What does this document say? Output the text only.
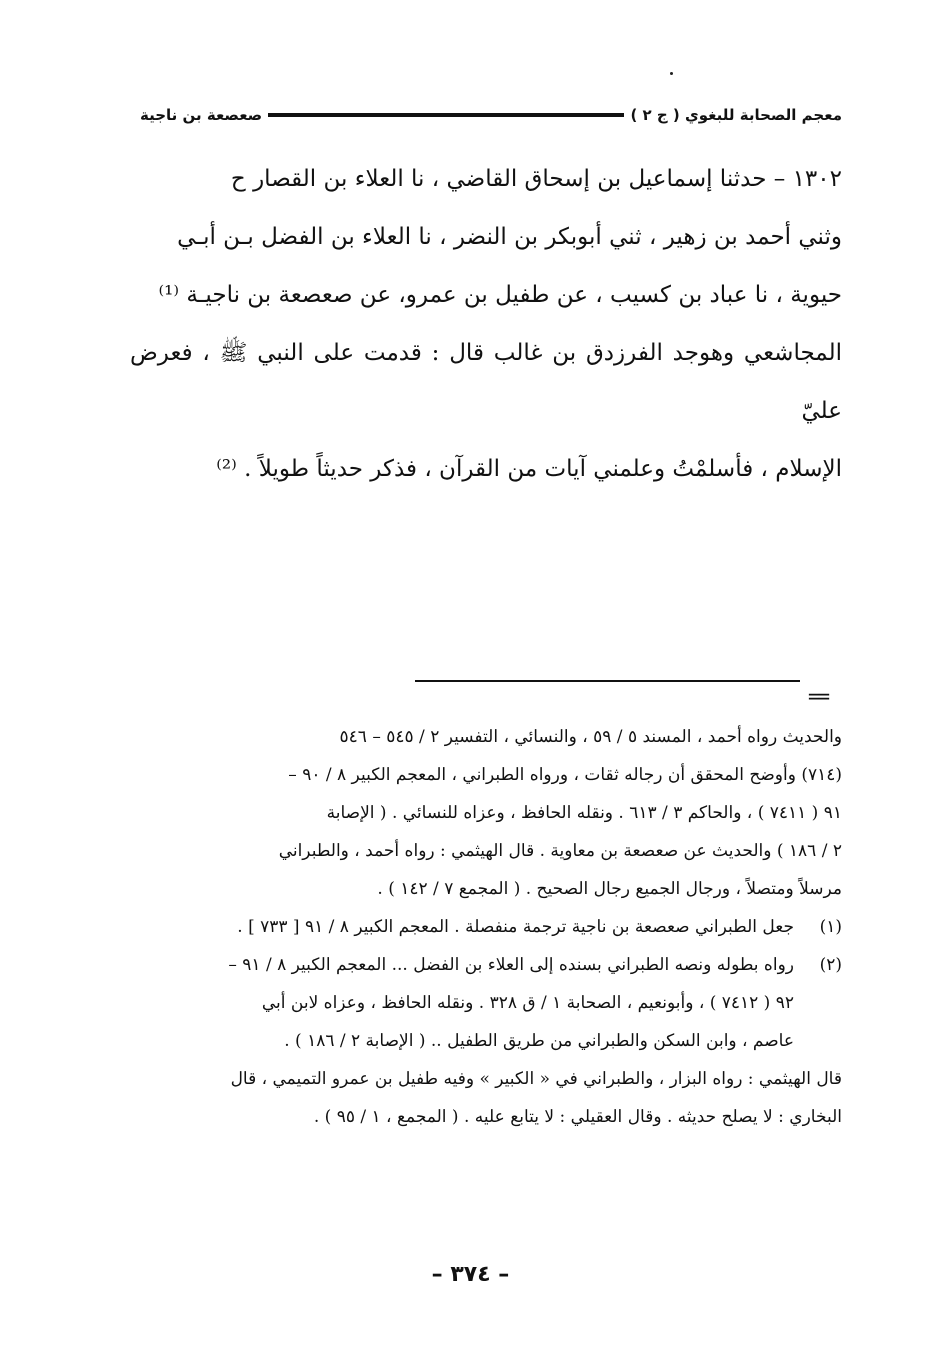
معجم الصحابة للبغوي ( ج ٢ )
صعصعة بن ناجية

١٣٠٢ – حدثنا إسماعيل بن إسحاق القاضي ، نا العلاء بن القصار ح

وثني أحمد بن زهير ، ثني أبوبكر بن النضر ، نا العلاء بن الفضل بـن أبـي

حيوية ، نا عباد بن كسيب ، عن طفيل بن عمرو، عن صعصعة بن ناجيـة ⁽¹⁾

المجاشعي وهوجد الفرزدق بن غالب قال : قدمت على النبي ﷺ ، فعرض عليّ

الإسلام ، فأسلمْتُ وعلمني آيات من القرآن ، فذكر حديثاً طويلاً . ⁽²⁾

==

والحديث رواه أحمد ، المسند ٥ / ٥٩ ، والنسائي ، التفسير ٢ / ٥٤٥ – ٥٤٦

(٧١٤) وأوضح المحقق أن رجاله ثقات ، ورواه الطبراني ، المعجم الكبير ٨ / ٩٠ –

٩١ ( ٧٤١١ ) ، والحاكم ٣ / ٦١٣ . ونقله الحافظ ، وعزاه للنسائي . ( الإصابة

٢ / ١٨٦ ) والحديث عن صعصعة بن معاوية . قال الهيثمي : رواه أحمد ، والطبراني

مرسلاً ومتصلاً ، ورجال الجميع رجال الصحيح . ( المجمع ٧ / ١٤٢ ) .

(١)

جعل الطبراني صعصعة بن ناجية ترجمة منفصلة . المعجم الكبير ٨ / ٩١ [ ٧٣٣ ] .

(٢)

رواه بطوله ونصه الطبراني بسنده إلى العلاء بن الفضل ... المعجم الكبير ٨ / ٩١ –

٩٢ ( ٧٤١٢ ) ، وأبونعيم ، الصحابة ١ / ق ٣٢٨ . ونقله الحافظ ، وعزاه لابن أبي

عاصم ، وابن السكن والطبراني من طريق الطفيل .. ( الإصابة ٢ / ١٨٦ ) .

قال الهيثمي : رواه البزار ، والطبراني في « الكبير » وفيه طفيل بن عمرو التميمي ، قال

البخاري : لا يصلح حديثه . وقال العقيلي : لا يتابع عليه . ( المجمع ، ١ / ٩٥ ) .

– ٣٧٤ –
